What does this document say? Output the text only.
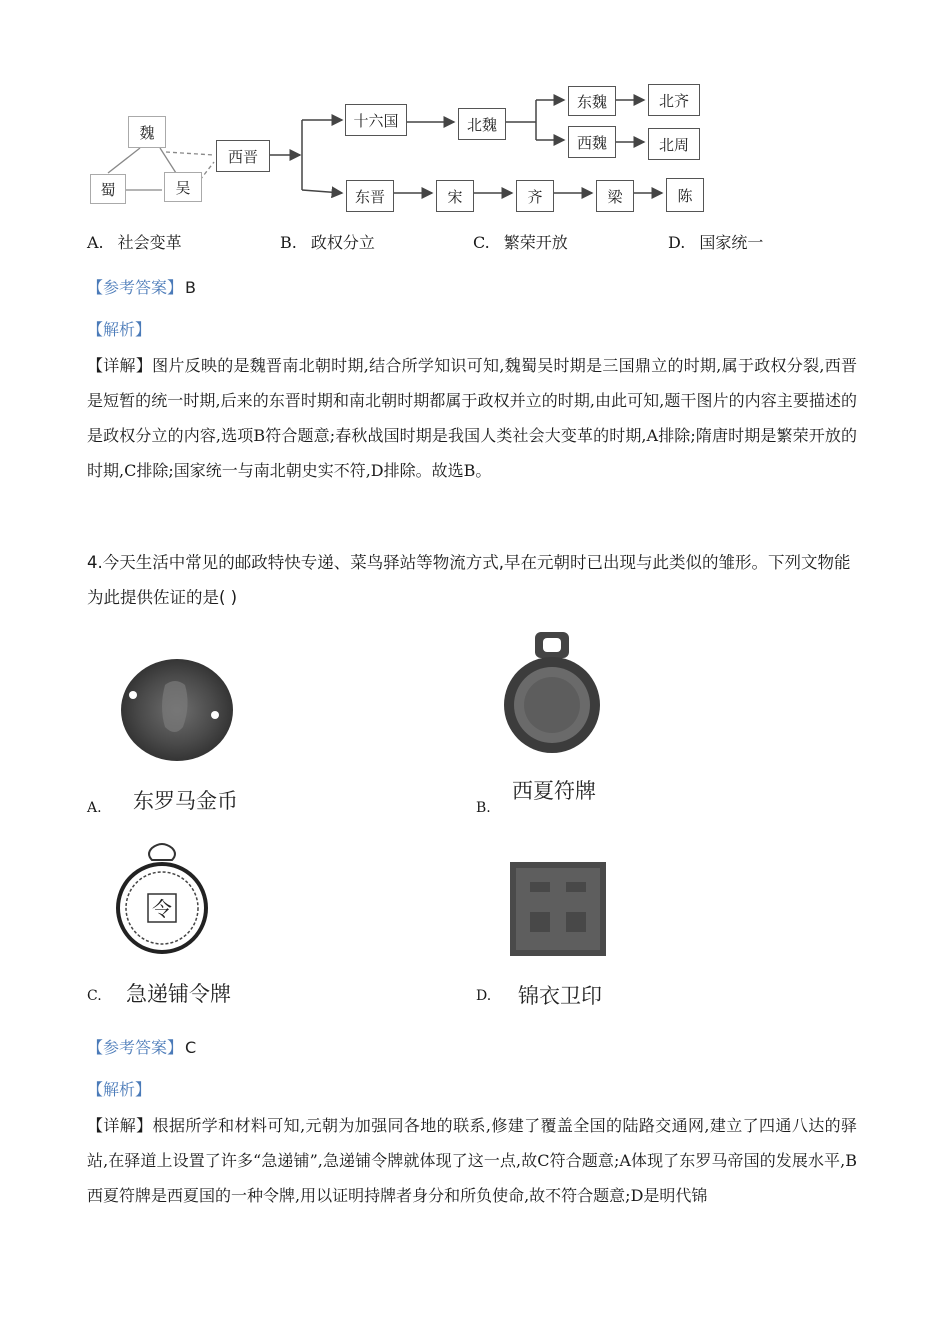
魏
蜀	吴
西晋
十六国	北魏
东魏
西魏
北齐
北周
东晋	宋	齐	梁	陈
A. 社会变革	B. 政权分立	C. 繁荣开放	D. 国家统一
【参考答案】 B
【解析】
【详解】图片反映的是魏晋南北朝时期,结合所学知识可知,魏蜀吴时期是三国鼎立的时期,属于政权分裂,西晋是短暂的统一时期,后来的东晋时期和南北朝时期都属于政权并立的时期,由此可知,题干图片的内容主要描述的是政权分立的内容,选项B符合题意;春秋战国时期是我国人类社会大变革的时期,A排除;隋唐时期是繁荣开放的时期,C排除;国家统一与南北朝史实不符,D排除。故选B。
4.今天生活中常见的邮政特快专递、菜鸟驿站等物流方式,早在元朝时已出现与此类似的雏形。下列文物能为此提供佐证的是( )
A. 东罗马金币	B.
西夏符牌
令
C. 急递铺令牌	D. 锦衣卫印
【参考答案】 C
【解析】
【详解】根据所学和材料可知,元朝为加强同各地的联系,修建了覆盖全国的陆路交通网,建立了四通八达的驿站,在驿道上设置了许多“急递铺”,急递铺令牌就体现了这一点,故C符合题意;A体现了东罗马帝国的发展水平,B西夏符牌是西夏国的一种令牌,用以证明持牌者身分和所负使命,故不符合题意;D是明代锦
